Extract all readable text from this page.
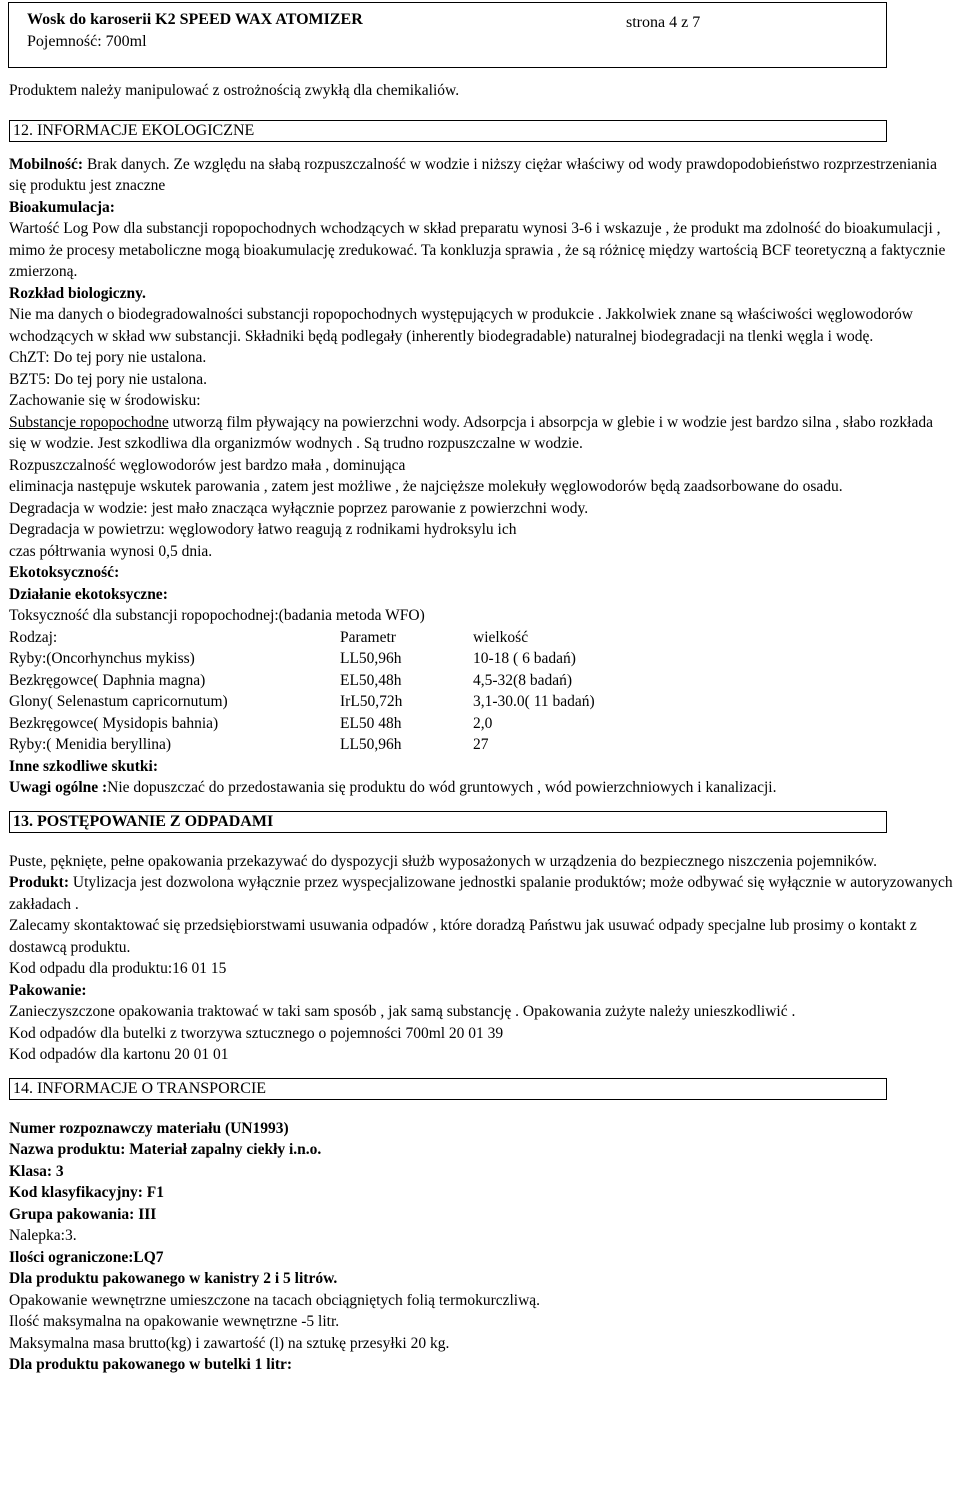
Wosk do karoserii K2 SPEED WAX ATOMIZER	strona 4 z 7
Pojemność: 700ml

Produktem należy manipulować z ostrożnością zwykłą dla chemikaliów.

12. INFORMACJE EKOLOGICZNE

Mobilność: Brak danych. Ze względu na słabą rozpuszczalność w wodzie i niższy ciężar właściwy od wody prawdopodobieństwo rozprzestrzeniania się produktu jest znaczne

Bioakumulacja:

Wartość Log Pow dla substancji ropopochodnych wchodzących w skład preparatu wynosi 3-6 i wskazuje , że produkt ma zdolność do bioakumulacji , mimo że procesy metaboliczne mogą bioakumulację zredukować. Ta konkluzja sprawia , że są różnicę między wartością BCF teoretyczną a faktycznie zmierzoną.

Rozkład biologiczny.

Nie ma danych o biodegradowalności substancji ropopochodnych występujących w produkcie . Jakkolwiek znane są właściwości węglowodorów wchodzących w skład ww substancji. Składniki będą podlegały (inherently biodegradable) naturalnej biodegradacji na tlenki węgla i wodę.

ChZT: Do tej pory nie ustalona.

BZT5: Do tej pory nie ustalona.

Zachowanie się w środowisku:

Substancje ropopochodne utworzą film pływający na powierzchni wody. Adsorpcja i absorpcja w glebie i w wodzie jest bardzo silna , słabo rozkłada się w wodzie. Jest szkodliwa dla organizmów wodnych . Są trudno rozpuszczalne w wodzie.

Rozpuszczalność węglowodorów jest bardzo mała , dominująca

eliminacja następuje wskutek parowania , zatem jest możliwe , że najcięższe molekuły węglowodorów będą zaadsorbowane do osadu.

Degradacja w wodzie: jest mało znacząca wyłącznie poprzez parowanie z powierzchni wody.

Degradacja w powietrzu: węglowodory łatwo reagują z rodnikami hydroksylu ich

czas półtrwania wynosi 0,5 dnia.

Ekotoksyczność:

Działanie ekotoksyczne:

Toksyczność dla substancji ropopochodnej:(badania metoda WFO)

Rodzaj:	Parametr	wielkość
Ryby:(Oncorhynchus mykiss)	LL50,96h	10-18 ( 6 badań)
Bezkręgowce( Daphnia magna)	EL50,48h	4,5-32(8 badań)
Glony( Selenastum capricornutum)	IrL50,72h	3,1-30.0( 11 badań)
Bezkręgowce( Mysidopis bahnia)	EL50 48h	2,0
Ryby:( Menidia beryllina)	LL50,96h	27

Inne szkodliwe skutki:

Uwagi ogólne :Nie dopuszczać do przedostawania się produktu do wód gruntowych , wód powierzchniowych i kanalizacji.

13. POSTĘPOWANIE Z ODPADAMI

Puste, pęknięte, pełne opakowania przekazywać do dyspozycji służb wyposażonych w urządzenia do bezpiecznego niszczenia pojemników.

Produkt: Utylizacja jest dozwolona wyłącznie przez wyspecjalizowane jednostki spalanie produktów; może odbywać się wyłącznie w autoryzowanych zakładach .

Zalecamy skontaktować się przedsiębiorstwami usuwania odpadów , które doradzą Państwu jak usuwać odpady specjalne lub prosimy o kontakt z dostawcą produktu.

Kod odpadu dla produktu:16 01 15

Pakowanie:

Zanieczyszczone opakowania traktować w taki sam sposób , jak samą substancję . Opakowania zużyte należy unieszkodliwić .

Kod odpadów dla butelki z tworzywa sztucznego o pojemności 700ml 20 01 39

Kod odpadów dla kartonu 20 01 01

14. INFORMACJE O TRANSPORCIE

Numer rozpoznawczy materiału (UN1993)

Nazwa produktu: Materiał zapalny ciekły i.n.o.

Klasa: 3

Kod klasyfikacyjny: F1

Grupa pakowania: III

Nalepka:3.

Ilości ograniczone:LQ7

Dla produktu pakowanego w kanistry 2 i 5 litrów.

Opakowanie wewnętrzne umieszczone na tacach obciągniętych folią termokurczliwą.

Ilość maksymalna na opakowanie wewnętrzne -5 litr.

Maksymalna masa brutto(kg) i zawartość (l) na sztukę przesyłki 20 kg.

Dla produktu pakowanego w butelki 1 litr:
